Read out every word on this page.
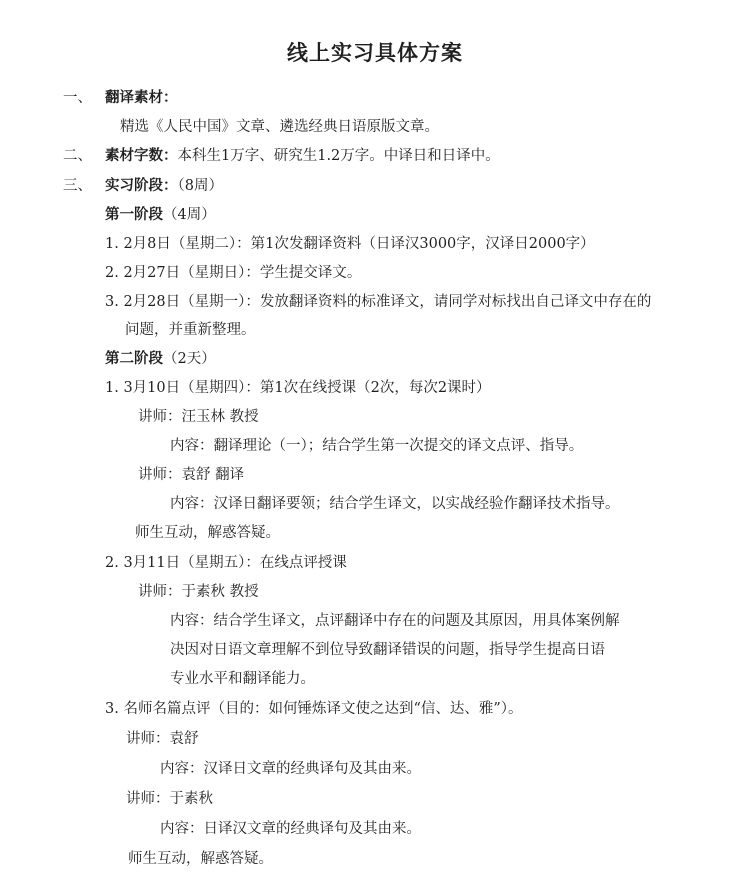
线上实习具体方案
一、 翻译素材：
精选《人民中国》文章、遴选经典日语原版文章。
二、 素材字数：本科生1万字、研究生1.2万字。中译日和日译中。
三、 实习阶段：（8周）
第一阶段（4周）
1. 2月8日（星期二）：第1次发翻译资料（日译汉3000字，汉译日2000字）
2. 2月27日（星期日）：学生提交译文。
3. 2月28日（星期一）：发放翻译资料的标准译文，请同学对标找出自己译文中存在的
问题，并重新整理。
第二阶段（2天）
1. 3月10日（星期四）：第1次在线授课（2次，每次2课时）
讲师：汪玉林 教授
内容：翻译理论（一）；结合学生第一次提交的译文点评、指导。
讲师：袁舒 翻译
内容：汉译日翻译要领；结合学生译文，以实战经验作翻译技术指导。
师生互动，解惑答疑。
2. 3月11日（星期五）：在线点评授课
讲师：于素秋 教授
内容：结合学生译文，点评翻译中存在的问题及其原因，用具体案例解
决因对日语文章理解不到位导致翻译错误的问题，指导学生提高日语
专业水平和翻译能力。
3. 名师名篇点评（目的：如何锤炼译文使之达到“信、达、雅”）。
讲师：袁舒
内容：汉译日文章的经典译句及其由来。
讲师：于素秋
内容：日译汉文章的经典译句及其由来。
师生互动，解惑答疑。
